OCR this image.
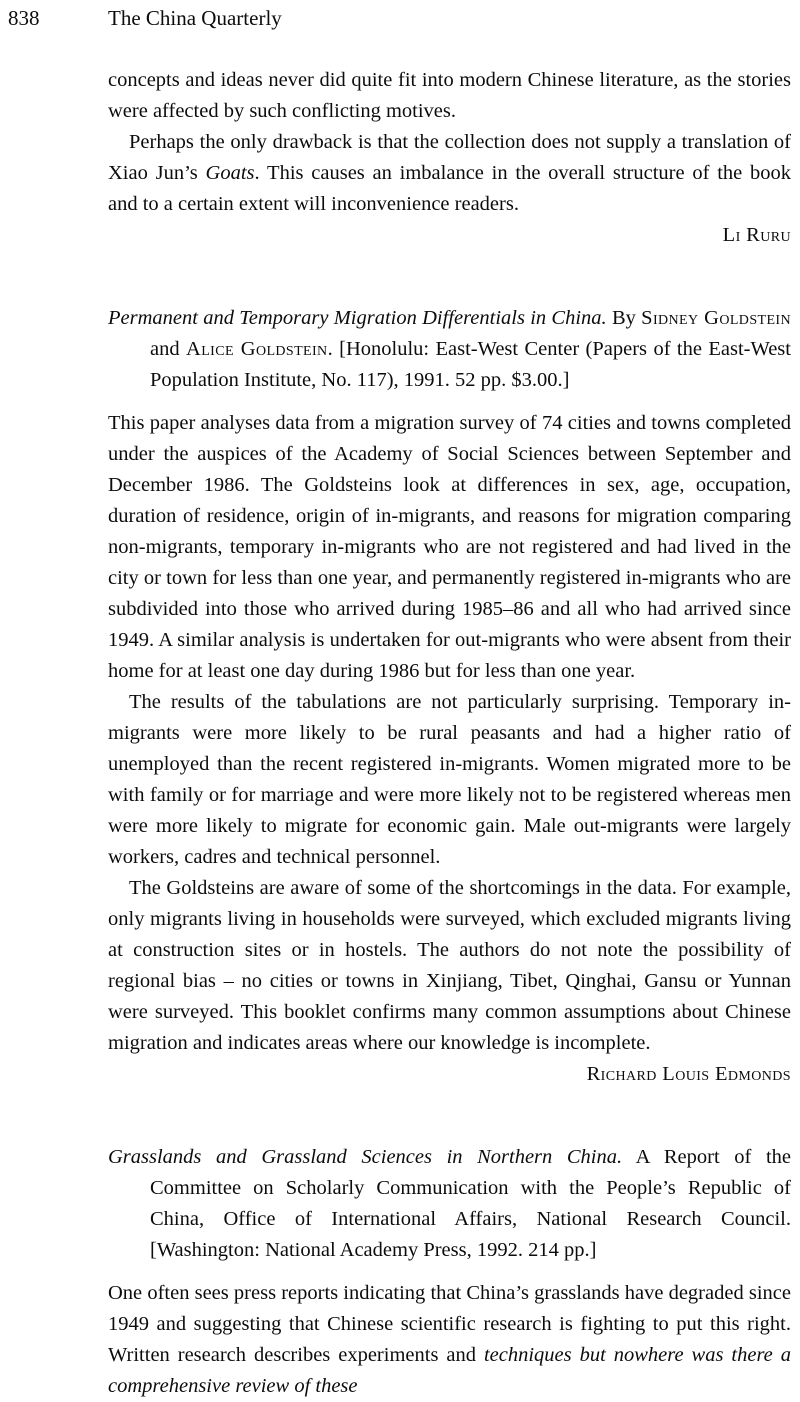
838	The China Quarterly

concepts and ideas never did quite fit into modern Chinese literature, as the stories were affected by such conflicting motives.

Perhaps the only drawback is that the collection does not supply a translation of Xiao Jun’s Goats. This causes an imbalance in the overall structure of the book and to a certain extent will inconvenience readers.

Li Ruru

Permanent and Temporary Migration Differentials in China. By Sidney Goldstein and Alice Goldstein. [Honolulu: East-West Center (Papers of the East-West Population Institute, No. 117), 1991. 52 pp. $3.00.]

This paper analyses data from a migration survey of 74 cities and towns completed under the auspices of the Academy of Social Sciences between September and December 1986. The Goldsteins look at differences in sex, age, occupation, duration of residence, origin of in-migrants, and reasons for migration comparing non-migrants, temporary in-migrants who are not registered and had lived in the city or town for less than one year, and permanently registered in-migrants who are subdivided into those who arrived during 1985–86 and all who had arrived since 1949. A similar analysis is undertaken for out-migrants who were absent from their home for at least one day during 1986 but for less than one year.

The results of the tabulations are not particularly surprising. Temporary in-migrants were more likely to be rural peasants and had a higher ratio of unemployed than the recent registered in-migrants. Women migrated more to be with family or for marriage and were more likely not to be registered whereas men were more likely to migrate for economic gain. Male out-migrants were largely workers, cadres and technical personnel.

The Goldsteins are aware of some of the shortcomings in the data. For example, only migrants living in households were surveyed, which excluded migrants living at construction sites or in hostels. The authors do not note the possibility of regional bias – no cities or towns in Xinjiang, Tibet, Qinghai, Gansu or Yunnan were surveyed. This booklet confirms many common assumptions about Chinese migration and indicates areas where our knowledge is incomplete.

Richard Louis Edmonds

Grasslands and Grassland Sciences in Northern China. A Report of the Committee on Scholarly Communication with the People’s Republic of China, Office of International Affairs, National Research Council. [Washington: National Academy Press, 1992. 214 pp.]

One often sees press reports indicating that China’s grasslands have degraded since 1949 and suggesting that Chinese scientific research is fighting to put this right. Written research describes experiments and techniques but nowhere was there a comprehensive review of these
